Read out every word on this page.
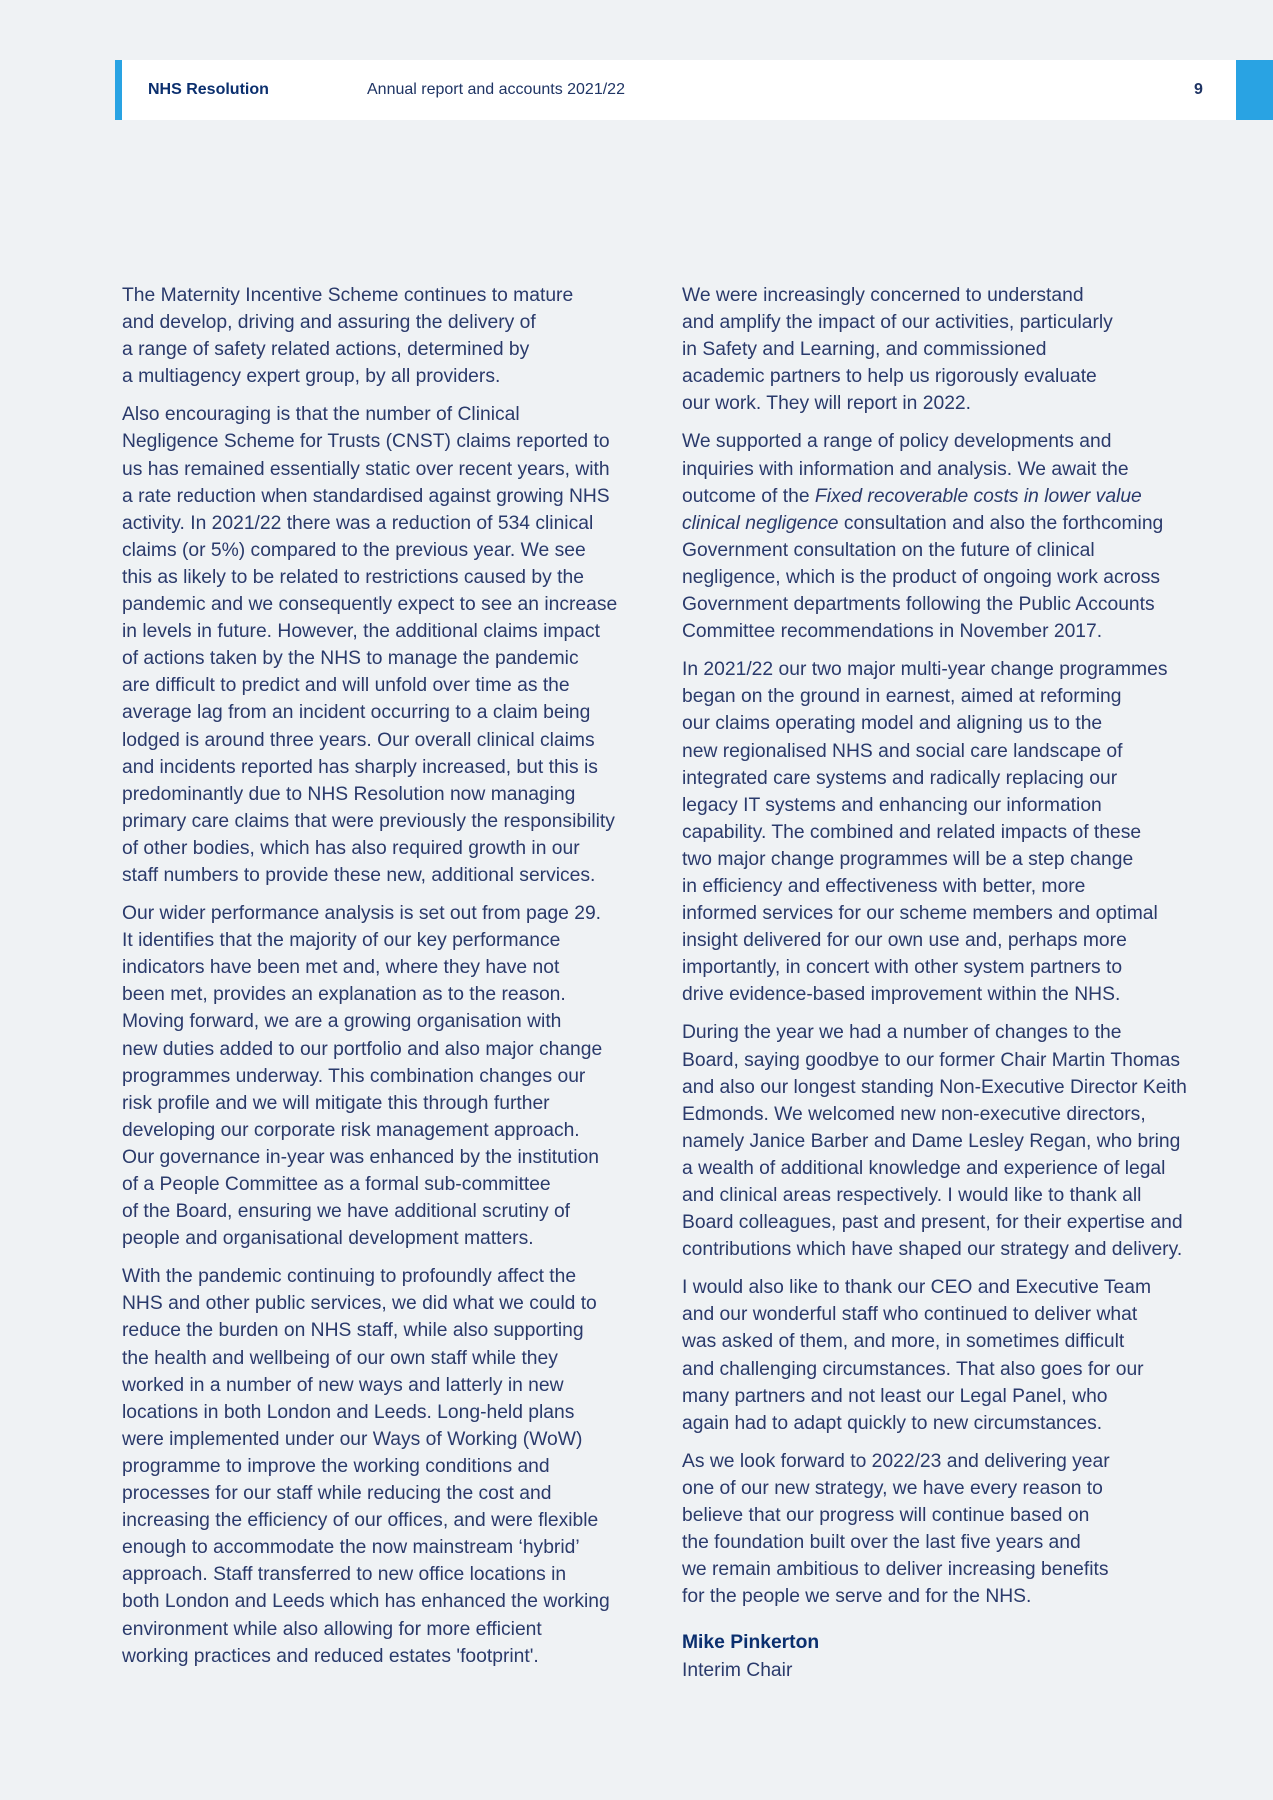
NHS Resolution	Annual report and accounts 2021/22	9

The Maternity Incentive Scheme continues to mature
and develop, driving and assuring the delivery of
a range of safety related actions, determined by
a multiagency expert group, by all providers.

Also encouraging is that the number of Clinical
Negligence Scheme for Trusts (CNST) claims reported to
us has remained essentially static over recent years, with
a rate reduction when standardised against growing NHS
activity. In 2021/22 there was a reduction of 534 clinical
claims (or 5%) compared to the previous year. We see
this as likely to be related to restrictions caused by the
pandemic and we consequently expect to see an increase
in levels in future. However, the additional claims impact
of actions taken by the NHS to manage the pandemic
are difficult to predict and will unfold over time as the
average lag from an incident occurring to a claim being
lodged is around three years. Our overall clinical claims
and incidents reported has sharply increased, but this is
predominantly due to NHS Resolution now managing
primary care claims that were previously the responsibility
of other bodies, which has also required growth in our
staff numbers to provide these new, additional services.

Our wider performance analysis is set out from page 29.
It identifies that the majority of our key performance
indicators have been met and, where they have not
been met, provides an explanation as to the reason.
Moving forward, we are a growing organisation with
new duties added to our portfolio and also major change
programmes underway. This combination changes our
risk profile and we will mitigate this through further
developing our corporate risk management approach.
Our governance in-year was enhanced by the institution
of a People Committee as a formal sub-committee
of the Board, ensuring we have additional scrutiny of
people and organisational development matters.

With the pandemic continuing to profoundly affect the
NHS and other public services, we did what we could to
reduce the burden on NHS staff, while also supporting
the health and wellbeing of our own staff while they
worked in a number of new ways and latterly in new
locations in both London and Leeds. Long-held plans
were implemented under our Ways of Working (WoW)
programme to improve the working conditions and
processes for our staff while reducing the cost and
increasing the efficiency of our offices, and were flexible
enough to accommodate the now mainstream ‘hybrid’
approach. Staff transferred to new office locations in
both London and Leeds which has enhanced the working
environment while also allowing for more efficient
working practices and reduced estates 'footprint'.

We were increasingly concerned to understand
and amplify the impact of our activities, particularly
in Safety and Learning, and commissioned
academic partners to help us rigorously evaluate
our work. They will report in 2022.

We supported a range of policy developments and
inquiries with information and analysis. We await the
outcome of the Fixed recoverable costs in lower value
clinical negligence consultation and also the forthcoming
Government consultation on the future of clinical
negligence, which is the product of ongoing work across
Government departments following the Public Accounts
Committee recommendations in November 2017.

In 2021/22 our two major multi-year change programmes
began on the ground in earnest, aimed at reforming
our claims operating model and aligning us to the
new regionalised NHS and social care landscape of
integrated care systems and radically replacing our
legacy IT systems and enhancing our information
capability. The combined and related impacts of these
two major change programmes will be a step change
in efficiency and effectiveness with better, more
informed services for our scheme members and optimal
insight delivered for our own use and, perhaps more
importantly, in concert with other system partners to
drive evidence-based improvement within the NHS.

During the year we had a number of changes to the
Board, saying goodbye to our former Chair Martin Thomas
and also our longest standing Non-Executive Director Keith
Edmonds. We welcomed new non-executive directors,
namely Janice Barber and Dame Lesley Regan, who bring
a wealth of additional knowledge and experience of legal
and clinical areas respectively. I would like to thank all
Board colleagues, past and present, for their expertise and
contributions which have shaped our strategy and delivery.

I would also like to thank our CEO and Executive Team
and our wonderful staff who continued to deliver what
was asked of them, and more, in sometimes difficult
and challenging circumstances. That also goes for our
many partners and not least our Legal Panel, who
again had to adapt quickly to new circumstances.

As we look forward to 2022/23 and delivering year
one of our new strategy, we have every reason to
believe that our progress will continue based on
the foundation built over the last five years and
we remain ambitious to deliver increasing benefits
for the people we serve and for the NHS.

Mike Pinkerton
Interim Chair
